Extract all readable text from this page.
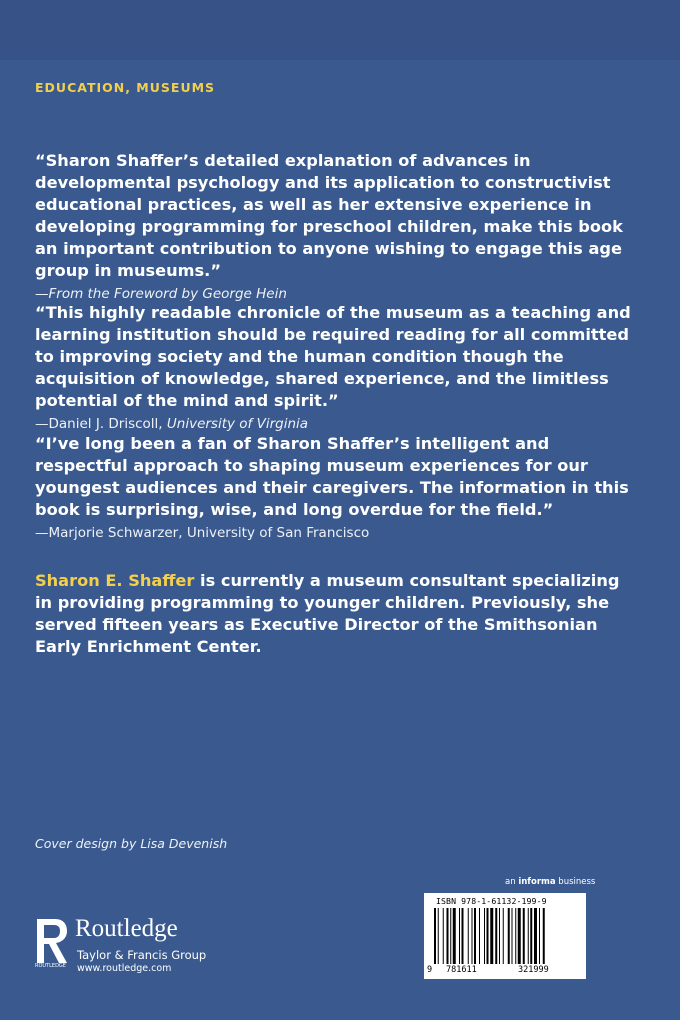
EDUCATION, MUSEUMS
“Sharon Shaffer’s detailed explanation of advances in developmental psychology and its application to constructivist educational practices, as well as her extensive experience in developing programming for preschool children, make this book an important contribution to anyone wishing to engage this age group in museums.”
—From the Foreword by George Hein
“This highly readable chronicle of the museum as a teaching and learning institution should be required reading for all committed to improving society and the human condition though the acquisition of knowledge, shared experience, and the limitless potential of the mind and spirit.”
—Daniel J. Driscoll, University of Virginia
“I’ve long been a fan of Sharon Shaffer’s intelligent and respectful approach to shaping museum experiences for our youngest audiences and their caregivers. The information in this book is surprising, wise, and long overdue for the field.”
—Marjorie Schwarzer, University of San Francisco
Sharon E. Shaffer is currently a museum consultant specializing in providing programming to younger children. Previously, she served fifteen years as Executive Director of the Smithsonian Early Enrichment Center.
Cover design by Lisa Devenish
ROUTLEDGE
Routledge
Taylor & Francis Group
www.routledge.com
an informa business
ISBN 978-1-61132-199-9
9 781611	321999
